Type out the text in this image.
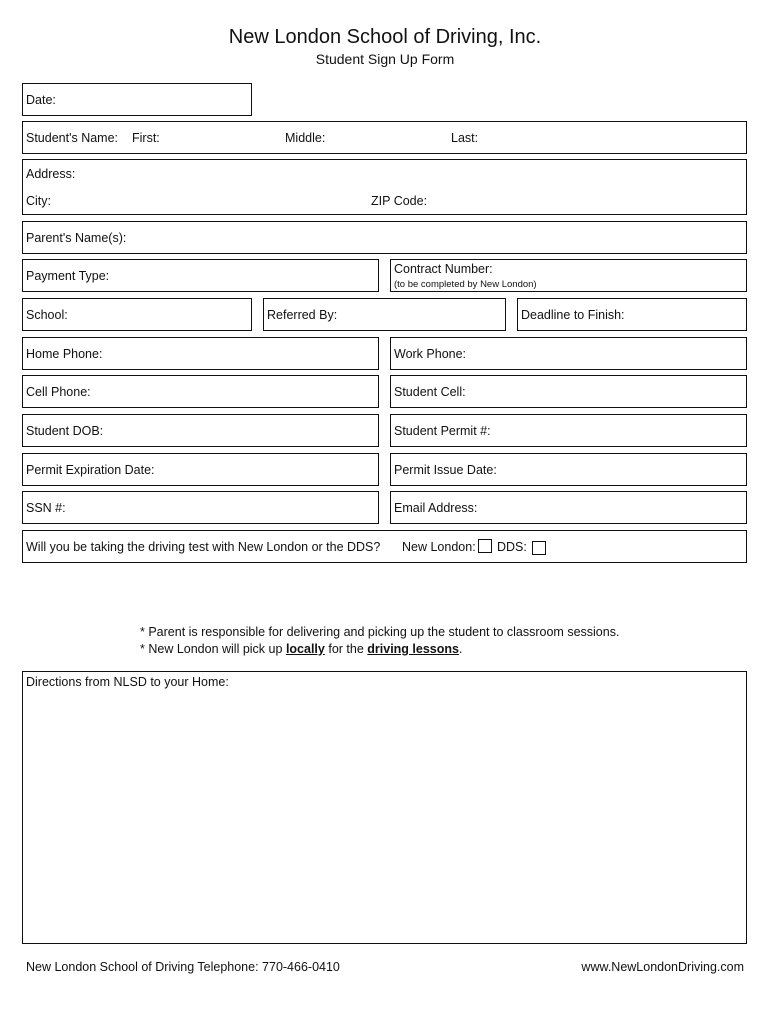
New London School of Driving, Inc.
Student Sign Up Form
Date:
Student's Name: First:	Middle:	Last:
Address:
City:	ZIP Code:
Parent's Name(s):
Payment Type:	Contract Number:
(to be completed by New London)
School:	Referred By:	Deadline to Finish:
Home Phone:	Work Phone:
Cell Phone:	Student Cell:
Student DOB:	Student Permit #:
Permit Expiration Date:	Permit Issue Date:
SSN #:	Email Address:
Will you be taking the driving test with New London or the DDS? New London: DDS:
* Parent is responsible for delivering and picking up the student to classroom sessions.
* New London will pick up locally for the driving lessons.
Directions from NLSD to your Home:
New London School of Driving Telephone: 770-466-0410	www.NewLondonDriving.com
